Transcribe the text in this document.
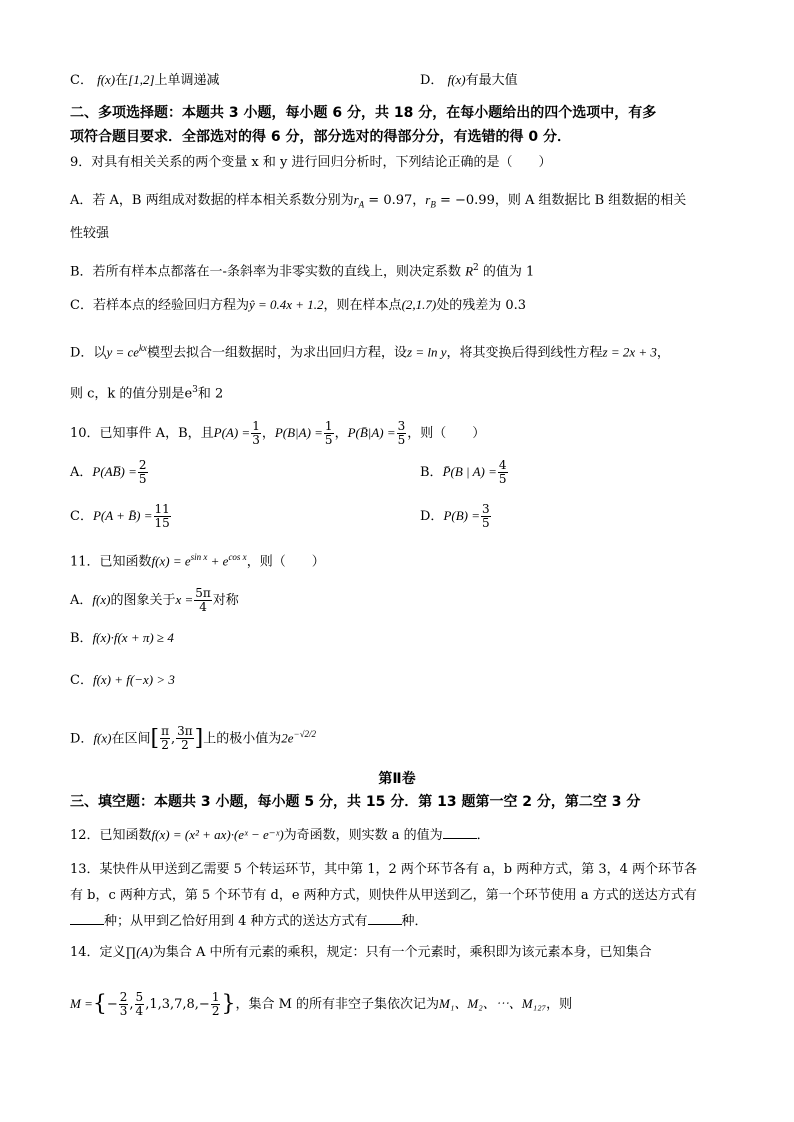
C． f(x)在[1,2]上单调递减	D． f(x)有最大值
二、多项选择题：本题共 3 小题，每小题 6 分，共 18 分，在每小题给出的四个选项中，有多
项符合题目要求．全部选对的得 6 分，部分选对的得部分分，有选错的得 0 分．
9．对具有相关关系的两个变量 x 和 y 进行回归分析时，下列结论正确的是（　　）
A．若 A，B 两组成对数据的样本相关系数分别为$r_A = 0.97$，$r_B = -0.99$，则 A 组数据比 B 组数据的相关
性较强
B．若所有样本点都落在一-条斜率为非零实数的直线上，则决定系数 $R^2$ 的值为 1
C．若样本点的经验回归方程为ŷ = 0.4x + 1.2，则在样本点(2,1.7)处的残差为 0.3
D．以$y = ce^{kx}$模型去拟合一组数据时，为求出回归方程，设z = ln y，将其变换后得到线性方程z = 2x + 3，
则 c，k 的值分别是$e^3$和 2
10．已知事件 A，B，且$P(A) = \frac{1}{3}$ ，$P(B|A) = \frac{1}{5}$ ，P(B̄|A) = $\frac{3}{5}$ ，则（　　）
A．P(AB̅) = $\frac{2}{5}$	B．P̄(B | $A) = \frac{4}{5}$
C．P(A + B̄) = $\frac{11}{15}$	D．$P(B) = \frac{3}{5}$
11．已知函数$f(x) = e^{sin x} + e^{cos x}$，则（　　）
A．f(x)的图象关于$x = \frac{5\pi}{4}$ 对称
B．f(x)·f(x + π) ≥ 4
C．f(x) + f(−x) > 3
D．f(x)在区间[ $\frac{\pi}{2}$ , $\frac{3\pi}{2}$ ]上的极小值为$2e^{-√2/2}$
第Ⅱ卷
三、填空题：本题共 3 小题，每小题 5 分，共 15 分．第 13 题第一空 2 分，第二空 3 分
12．已知函数f(x) = (x² + ax)·(eˣ − e⁻ˣ)为奇函数，则实数 a 的值为	．
13．某快件从甲送到乙需要 5 个转运环节，其中第 1，2 两个环节各有 a，b 两种方式，第 3，4 两个环节各
有 b，c 两种方式，第 5 个环节有 d，e 两种方式，则快件从甲送到乙，第一个环节使用 a 方式的送达方式有
种；从甲到乙恰好用到 4 种方式的送达方式有	种．
14．定义∏(A)为集合 A 中所有元素的乘积，规定：只有一个元素时，乘积即为该元素本身，已知集合
M ={− $\frac{2}{3}$ , $\frac{5}{4} ,1,3,7,8,- \frac{1}{2}$ }，集合 M 的所有非空子集依次记为M₁、M₂、⋯、M₁₂₇，则
